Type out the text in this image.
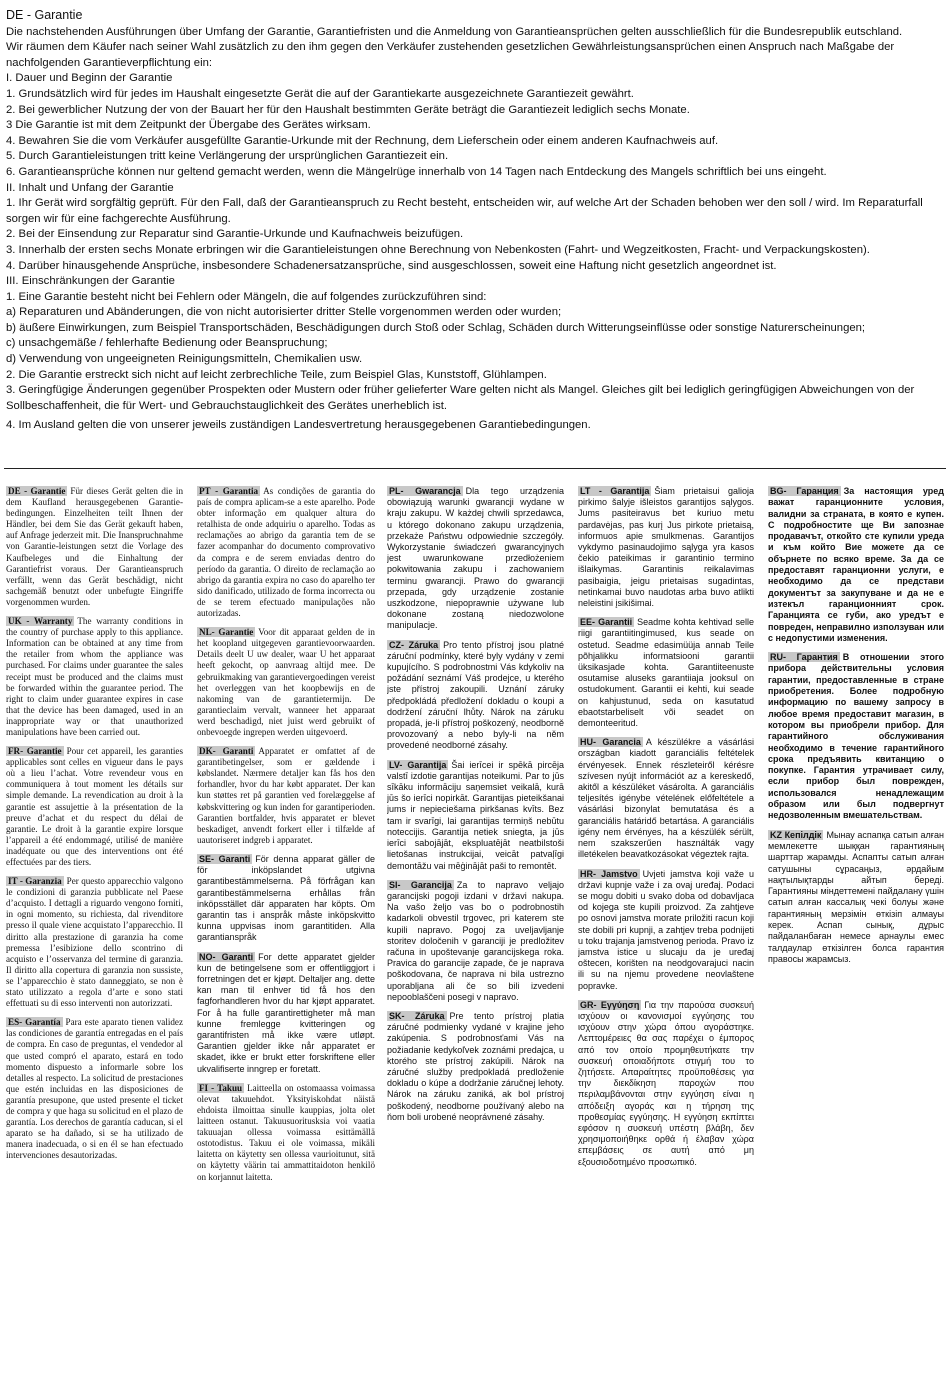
DE - Garantie

Die nachstehenden Ausführungen über Umfang der Garantie, Garantiefristen und die Anmeldung von Garantieansprüchen gelten ausschließlich für die Bundesrepublik eutschland.

Wir räumen dem Käufer nach seiner Wahl zusätzlich zu den ihm gegen den Verkäufer zustehenden gesetzlichen Gewährleistungsansprüchen einen Anspruch nach Maßgabe der nachfolgenden Garantieverpflichtung ein:

I. Dauer und Beginn der Garantie

1. Grundsätzlich wird für jedes im Haushalt eingesetzte Gerät die auf der Garantiekarte ausgezeichnete Garantiezeit gewährt.

2. Bei gewerblicher Nutzung der von der Bauart her für den Haushalt bestimmten Geräte beträgt die Garantiezeit lediglich sechs Monate.

3 Die Garantie ist mit dem Zeitpunkt der Übergabe des Gerätes wirksam.

4. Bewahren Sie die vom Verkäufer ausgefüllte Garantie-Urkunde mit der Rechnung, dem Lieferschein oder einem anderen Kaufnachweis auf.

5. Durch Garantieleistungen tritt keine Verlängerung der ursprünglichen Garantiezeit ein.

6. Garantieansprüche können nur geltend gemacht werden, wenn die Mängelrüge innerhalb von 14 Tagen nach Entdeckung des Mangels schriftlich bei uns eingeht.

II. Inhalt und Unfang der Garantie

1. Ihr Gerät wird sorgfältig geprüft. Für den Fall, daß der Garantieanspruch zu Recht besteht, entscheiden wir, auf welche Art der Schaden behoben wer den soll / wird. Im Reparaturfall sorgen wir für eine fachgerechte Ausführung.

2. Bei der Einsendung zur Reparatur sind Garantie-Urkunde und Kaufnachweis beizufügen.

3. Innerhalb der ersten sechs Monate erbringen wir die Garantieleistungen ohne Berechnung von Nebenkosten (Fahrt- und Wegzeitkosten, Fracht- und Verpackungskosten).

4. Darüber hinausgehende Ansprüche, insbesondere Schadenersatzansprüche, sind ausgeschlossen, soweit eine Haftung nicht gesetzlich angeordnet ist.

III. Einschränkungen der Garantie

1. Eine Garantie besteht nicht bei Fehlern oder Mängeln, die auf folgendes zurückzuführen sind:

a) Reparaturen und Abänderungen, die von nicht autorisierter dritter Stelle vorgenommen werden oder wurden;

b) äußere Einwirkungen, zum Beispiel Transportschäden, Beschädigungen durch Stoß oder Schlag, Schäden durch Witterungseinflüsse oder sonstige Naturerscheinungen;

c) unsachgemäße / fehlerhafte Bedienung oder Beanspruchung;

d) Verwendung von ungeeigneten Reinigungsmitteln, Chemikalien usw.

2. Die Garantie erstreckt sich nicht auf leicht zerbrechliche Teile, zum Beispiel Glas, Kunststoff, Glühlampen.

3. Geringfügige Änderungen gegenüber Prospekten oder Mustern oder früher gelieferter Ware gelten nicht als Mangel. Gleiches gilt bei lediglich geringfügigen Abweichungen von der Sollbeschaffenheit, die für Wert- und Gebrauchstauglichkeit des Gerätes unerheblich ist.

4. Im Ausland gelten die von unserer jeweils zuständigen Landesvertretung herausgegebenen Garantiebedingungen.

DE - Garantie Für dieses Gerät gelten die in dem Kaufland herausgegebenen Garantie-bedingungen. Einzelheiten teilt Ihnen der Händler, bei dem Sie das Gerät gekauft haben, auf Anfrage jederzeit mit. Die Inanspruchnahme von Garantie-leistungen setzt die Vorlage des Kaufbeleges und die Einhaltung der Garantiefrist voraus. Der Garantieanspruch verfällt, wenn das Gerät beschädigt, nicht sachgemäß benutzt oder unbefugte Eingriffe vorgenommen wurden.
UK - Warranty The warranty conditions in the country of purchase apply to this appliance. Information can be obtained at any time from the retailer from whom the appliance was purchased. For claims under guarantee the sales receipt must be produced and the claims must be forwarded within the guarantee period. The right to claim under guarantee expires in case that the device has been damaged, used in an inappropriate way or that unauthorized manipulations have been carried out.
FR- Garantie Pour cet appareil, les garanties applicables sont celles en vigueur dans le pays où a lieu l’achat. Votre revendeur vous en communiquera à tout moment les détails sur simple demande. La revendication au droit à la garantie est assujettie à la présentation de la preuve d’achat et du respect du délai de garantie. Le droit à la garantie expire lorsque l’appareil a été endommagé, utilisé de manière inadéquate ou que des interventions ont été effectuées par des tiers.
IT - Garanzia Per questo apparecchio valgono le condizioni di garanzia pubblicate nel Paese d’acquisto. I dettagli a riguardo vengono forniti, in ogni momento, su richiesta, dal rivenditore presso il quale viene acquistato l’apparecchio. Il diritto alla prestazione di garanzia ha come premessa l’esibizione dello scontrino di acquisto e l’osservanza del termine di garanzia. Il diritto alla copertura di garanzia non sussiste, se l’apparecchio è stato danneggiato, se non è stato utilizzato a regola d’arte e sono stati effettuati su di esso interventi non autorizzati.
ES- Garantía Para este aparato tienen validez las condiciones de garantía entregadas en el país de compra. En caso de preguntas, el vendedor al que usted compró el aparato, estará en todo momento dispuesto a informarle sobre los detalles al respecto. La solicitud de prestaciones que estén incluidas en las disposiciones de garantía presupone, que usted presente el ticket de compra y que haga su solicitud en el plazo de garantía. Los derechos de garantía caducan, si el aparato se ha dañado, si se ha utilizado de manera inadecuada, o si en él se han efectuado intervenciones desautorizadas.
PT - Garantia As condições de garantia do país de compra aplicam-se a este aparelho. Pode obter informação em qualquer altura do retalhista de onde adquiriu o aparelho. Todas as reclamações ao abrigo da garantia tem de se fazer acompanhar do documento comprovativo da compra e de serem enviadas dentro do período da garantia. O direito de reclamação ao abrigo da garantia expira no caso do aparelho ter sido danificado, utilizado de forma incorrecta ou de se terem efectuado manipulações não autorizadas.
NL- Garantie Voor dit apparaat gelden de in het koopland uitgegeven garantievoorwaarden. Details deelt U uw dealer, waar U het apparaat heeft gekocht, op aanvraag altijd mee. De gebruikmaking van garantievergoedingen vereist het overleggen van het koopbewijs en de nakoming van de garantietermijn. De garantieclaim vervalt, wanneer het apparaat werd beschadigd, niet juist werd gebruikt of onbevoegde ingrepen werden uitgevoerd.
DK- Garanti Apparatet er omfattet af de garantibetingelser, som er gældende i købslandet. Nærmere detaljer kan fås hos den forhandler, hvor du har købt apparatet. Der kan kun støttes ret på garantien ved forelæggelse af købskvittering og kun inden for garantiperioden. Garantien bortfalder, hvis apparatet er blevet beskadiget, anvendt forkert eller i tilfælde af uautoriseret indgreb i apparatet.
SE- Garanti För denna apparat gäller de för inköpslandet utgivna garantibestämmelserna. På förfrågan kan garantibestämmelserna erhållas från inköpsstället där apparaten har köpts. Om garantin tas i anspråk måste inköpskvitto kunna uppvisas inom garantitiden. Alla garantianspråk
NO- Garanti For dette apparatet gjelder kun de betingelsene som er offentliggjort i forretningen det er kjøpt. Deltaljer ang. dette kan man til enhver tid få hos den fagforhandleren hvor du har kjøpt apparatet. For å ha fulle garantirettigheter må man kunne fremlegge kvitteringen og garantifristen må ikke være utløpt. Garantien gjelder ikke når apparatet er skadet, ikke er brukt etter forskriftene eller ukvalifiserte inngrep er foretatt.
FI - Takuu Laitteella on ostomaassa voimassa olevat takuuehdot. Yksityiskohdat näistä ehdoista ilmoittaa sinulle kauppias, jolta olet laitteen ostanut. Takuusuoritusksia voi vaatia takuuajan ollessa voimassa esittämällä ostotodistus. Takuu ei ole voimassa, mikäli laitetta on käytetty sen ollessa vaurioitunut, sitä on käytetty väärin tai ammattitaidoton henkilö on korjannut laitetta.
PL- Gwarancja Dla tego urządzenia obowiązują warunki gwarancji wydane w kraju zakupu. W każdej chwili sprzedawca, u którego dokonano zakupu urządzenia, przekaże Państwu odpowiednie szczegóły. Wykorzystanie świadczeń gwarancyjnych jest uwarunkowane przedłożeniem pokwitowania zakupu i zachowaniem terminu gwarancji. Prawo do gwarancji przepada, gdy urządzenie zostanie uszkodzone, niepoprawnie używane lub dokonane zostaną niedozwolone manipulacje.
CZ- Záruka Pro tento přístroj jsou platné záruční podmínky, které byly vydány v zemi kupujícího. S podrobnostmi Vás kdykoliv na požádání seznámí Váš prodejce, u kterého jste přístroj zakoupili. Uznání záruky předpokládá předložení dokladu o koupi a dodržení záruční lhůty. Nárok na záruku propadá, je-li přístroj poškozený, neodborně provozovaný a nebo byly-li na něm provedené neodborné zásahy.
LV- Garantija Šai ierīcei ir spēkā pircēja valstī izdotie garantijas noteikumi. Par to jūs sīkāku informāciju saņemsiet veikalā, kurā jūs šo ierīci nopirkāt. Garantijas pieteikšanai jums ir nepieciešama pirkšanas kvīts. Bez tam ir svarīgi, lai garantijas termiņš nebūtu noteccijis. Garantija netiek sniegta, ja jūs ierīci sabojājāt, ekspluatējāt neatbilstoši lietošanas instrukcijai, veicāt patvaļīgi demontāžu vai mēģinājāt paši to remontēt.
SI- Garancija Za to napravo veljajo garancijski pogoji izdani v državi nakupa. Na vašo željo vas bo o podrobnostih kadarkoli obvestil trgovec, pri katerem ste kupili napravo. Pogoj za uveljavljanje storitev določenih v garanciji je predložitev računa in upoštevanje garancijskega roka. Pravica do garancije zapade, če je naprava poškodovana, če naprava ni bila ustrezno uporabljana ali če so bili izvedeni nepooblaščeni posegi v napravo.
SK- Záruka Pre tento prístroj platia záručné podmienky vydané v krajine jeho zakúpenia. S podrobnosťami Vás na požiadanie kedykoľvek zoznámi predajca, u ktorého ste prístroj zakúpili. Nárok na záručné služby predpokladá predloženie dokladu o kúpe a dodržanie záručnej lehoty. Nárok na záruku zaniká, ak bol prístroj poškodený, neodborne používaný alebo na ňom boli urobené neoprávnené zásahy.
LT - Garantija Šiam prietaisui galioja pirkimo šalyje išleistos garantijos sąlygos. Jums pasiteiravus bet kuriuo metu pardavėjas, pas kurį Jus pirkote prietaisą, informuos apie smulkmenas. Garantijos vykdymo pasinaudojimo sąlyga yra kasos čekio pateikimas ir garantinio termino išlaikymas. Garantinis reikalavimas pasibaigia, jeigu prietaisas sugadintas, netinkamai buvo naudotas arba buvo atlikti neleistini įsikišimai.
EE- Garantii Seadme kohta kehtivad selle riigi garantiitingimused, kus seade on ostetud. Seadme edasimüüja annab Teile põhjalikku informatsiooni garantii üksikasjade kohta. Garantiiteenuste osutamise aluseks garantiiaja jooksul on ostudokument. Garantii ei kehti, kui seade on kahjustunud, seda on kasutatud ebaotstarbeliselt või seadet on demonteeritud.
HU- Garancia A készülékre a vásárlási országban kiadott garanciális feltételek érvényesek. Ennek részleteiről kérésre szívesen nyújt információt az a kereskedő, akitől a készüléket vásárolta. A garanciális teljesítés igénybe vételének előfeltétele a vásárlási bizonylat bemutatása és a garanciális határidő betartása. A garanciális igény nem érvényes, ha a készülék sérült, nem szakszerűen használták vagy illetékelen beavatkozásokat végeztek rajta.
HR- Jamstvo Uvjeti jamstva koji važe u državi kupnje važe i za ovaj uređaj. Podaci se mogu dobiti u svako doba od dobavljaca od kojega ste kupili proizvod. Za zahtjeve po osnovi jamstva morate priložiti racun koji ste dobili pri kupnji, a zahtjev treba podnijeti u toku trajanja jamstvenog perioda. Pravo iz jamstva istice u slucaju da je uređaj oštecen, korišten na neodgovarajuci nacin ili su na njemu provedene neovlaštene popravke.
GR- Εγγύηση Για την παρούσα συσκευή ισχύουν οι κανονισμοί εγγύησης του ισχύουν στην χώρα όπου αγοράστηκε. Λεπτομέρειες θα σας παρέχει ο έμπορος από τον οποίο προμηθευτήκατε την συσκευή οποιαδήποτε στιγμή του το ζητήσετε. Απαραίτητες προϋποθέσεις για την διεκδίκηση παροχών που περιλαμβάνονται στην εγγύηση είναι η απόδειξη αγοράς και η τήρηση της προθεσμίας εγγύησης. Η εγγύηση εκπίπτει εφόσον η συσκευή υπέστη βλάβη, δεν χρησιμοποιήθηκε ορθά ή έλαβαν χώρα επεμβάσεις σε αυτή από μη εξουσιοδοτημένο προσωπικό.
BG- Гаранция За настоящия уред важат гаранционните условия, валидни за страната, в която е купен. С подробностите ще Ви запознае продавачът, откойто сте купили уреда и към който Вие можете да се обърнете по всяко време. За да се предоставят гаранционни услуги, е необходимо да се представи документът за закупуване и да не е изтекъл гаранционният срок. Гаранцията се губи, ако уредът е повреден, неправилно използуван или с недопустими изменения.
RU- Гарантия В отношении этого прибора действительны условия гарантии, предоставленные в стране приобретения. Более подробную информацию по вашему запросу в любое время предоставит магазин, в котором вы приобрели прибор. Для гарантийного обслуживания необходимо в течение гарантийного срока предъявить квитанцию о покупке. Гарантия утрачивает силу, если прибор был поврежден, использовался ненадлежащим образом или был подвергнут недозволенным вмешательствам.
KZ Кепілдік Мынау аспапқа сатып алған мемлекетте шыққан гарантияның шарттар жарамды. Аспапты сатып алған сатушыны сұрасаңыз, әрдайым нақтылықтарды айтып береді. Гарантияны міндеттемені пайдалану үшін сатып алған кассалық чекі болуы және гарантияның мерзімін өткізіп алмауы керек. Аспап сынық, дұрыс пайдаланбаған немесе арнаулы емес талдаулар өткізілген болса гарантия правосы жарамсыз.
